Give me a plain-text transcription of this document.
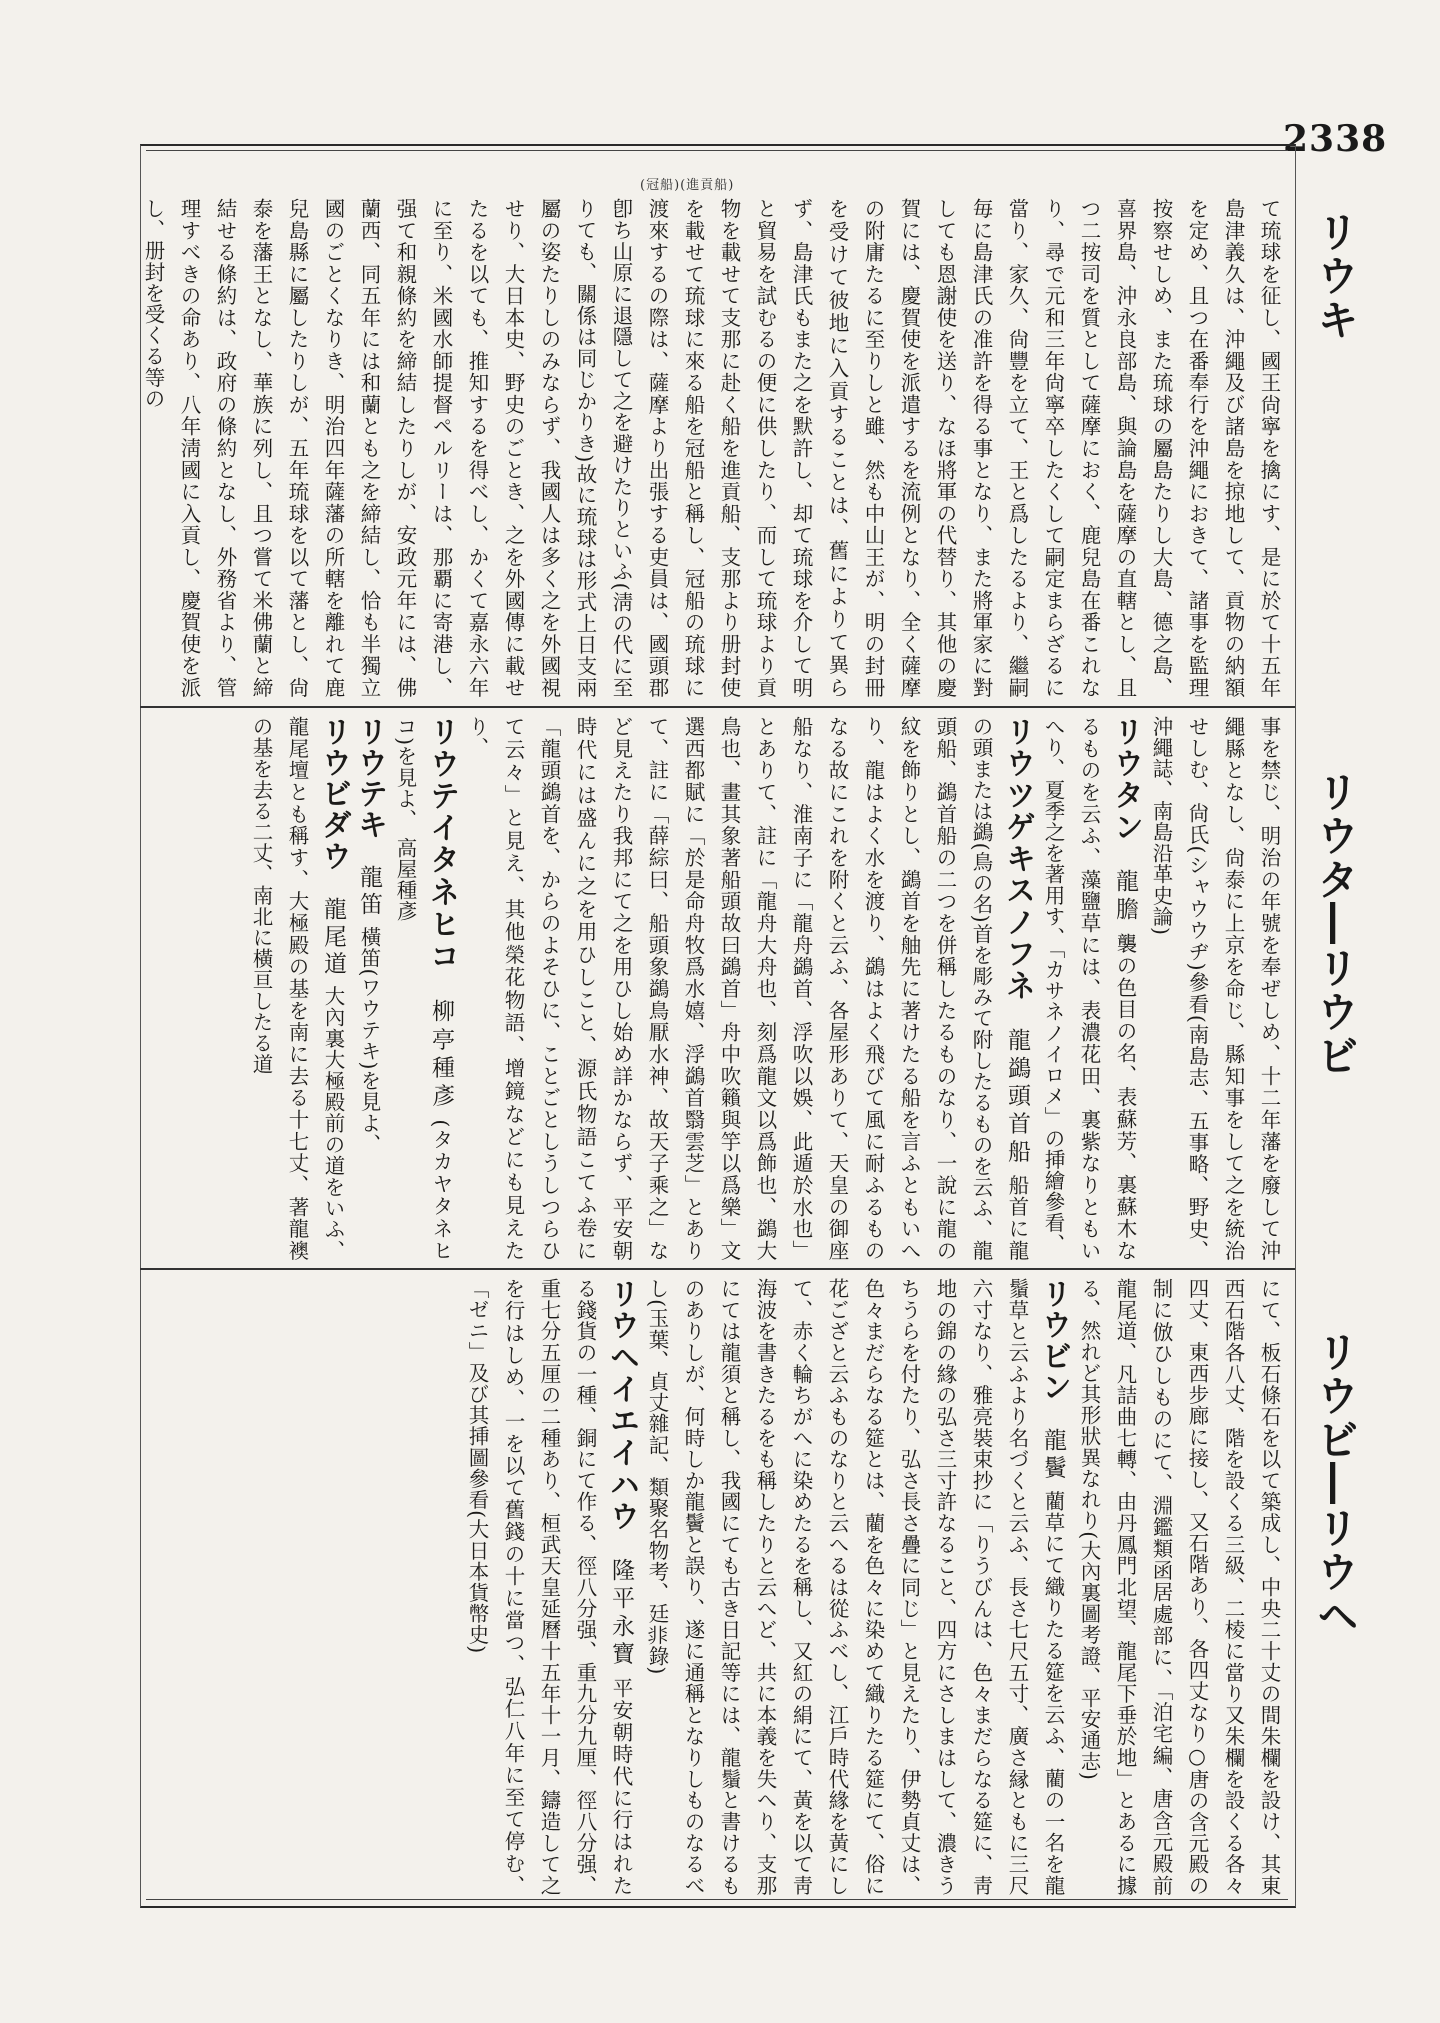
2338
リウキ
リウタ―リウビ
リウビ―リウヘ
(冠船)(進貢船)

て琉球を征し、國王尙寧を擒にす、是に於て十五年島津義久は、沖繩及び諸島を掠地して、貢物の納額を定め、且つ在番奉行を沖繩におきて、諸事を監理按察せしめ、また琉球の屬島たりし大島、德之島、喜界島、沖永良部島、與論島を薩摩の直轄とし、且つ二按司を質として薩摩におく、鹿兒島在番これなり、尋で元和三年尙寧卒したくして嗣定まらざるに當り、家久、尙豐を立て、王と爲したるより、繼嗣毎に島津氏の准許を得る事となり、また將軍家に對しても恩謝使を送り、なほ將軍の代替り、其他の慶賀には、慶賀使を派遣するを流例となり、全く薩摩の附庸たるに至りしと雖、然も中山王が、明の封冊を受けて彼地に入貢することは、舊によりて異らず、島津氏もまた之を默許し、却て琉球を介して明と貿易を試むるの便に供したり、而して琉球より貢物を載せて支那に赴く船を進貢船、支那より册封使を載せて琉球に來る船を冠船と稱し、冠船の琉球に渡來するの際は、薩摩より出張する吏員は、國頭郡卽ち山原に退隱して之を避けたりといふ(淸の代に至りても、關係は同じかりき)故に琉球は形式上日支兩屬の姿たりしのみならず、我國人は多く之を外國視せり、大日本史、野史のごとき、之を外國傳に載せたるを以ても、推知するを得べし、かくて嘉永六年に至り、米國水師提督ペルリーは、那覇に寄港し、强て和親條約を締結したりしが、安政元年には、佛蘭西、同五年には和蘭とも之を締結し、恰も半獨立國のごとくなりき、明治四年薩藩の所轄を離れて鹿兒島縣に屬したりしが、五年琉球を以て藩とし、尙泰を藩王となし、華族に列し、且つ嘗て米佛蘭と締結せる條約は、政府の條約となし、外務省より、管理すべきの命あり、八年淸國に入貢し、慶賀使を派し、册封を受くる等の

事を禁じ、明治の年號を奉ぜしめ、十二年藩を廢して沖繩縣となし、尙泰に上京を命じ、縣知事をして之を統治せしむ、尙氏(シャウウヂ)參看(南島志、五事略、野史、沖繩誌、南島沿革史論)

リウタン 龍膽 襲の色目の名、表蘇芳、裏蘇木なるものを云ふ、藻鹽草には、表濃花田、裏紫なりともいへり、夏季之を著用す、「カサネノイロメ」の挿繪參看、

リウツゲキスノフネ 龍鷁頭首船 船首に龍の頭または鷁(鳥の名)首を彫みて附したるものを云ふ、龍頭船、鷁首船の二つを併稱したるものなり、一說に龍の紋を飾りとし、鷁首を舳先に著けたる船を言ふともいへり、龍はよく水を渡り、鷁はよく飛びて風に耐ふるものなる故にこれを附くと云ふ、各屋形ありて、天皇の御座船なり、淮南子に「龍舟鷁首、浮吹以娛、此遁於水也」とありて、註に「龍舟大舟也、刻爲龍文以爲飾也、鷁大鳥也、畫其象著船頭故曰鷁首」舟中吹籟與竽以爲樂」文選西都賦に「於是命舟牧爲水嬉、浮鷁首翳雲芝」とありて、註に「薛綜曰、船頭象鷁鳥厭水神、故天子乘之」など見えたり我邦にて之を用ひし始め詳かならず、平安朝時代には盛んに之を用ひしこと、源氏物語こてふ卷に「龍頭鷁首を、からのよそひに、ことごとしうしつらひて云々」と見え、其他榮花物語、增鏡などにも見えたり、

リウテイタネヒコ 柳亭種彥 (タカヤタネヒコ)を見よ、 高屋種彥

リウテキ 龍笛 橫笛(ワウテキ)を見よ、

リウビダウ 龍尾道 大內裏大極殿前の道をいふ、龍尾壇とも稱す、大極殿の基を南に去る十七丈、著龍襖の基を去る二丈、南北に橫亘したる道

にて、板石條石を以て築成し、中央二十丈の間朱欄を設け、其東西石階各八丈、階を設くる三級、二棱に當り又朱欄を設くる各々四丈、東西步廊に接し、又石階あり、各四丈なり○唐の含元殿の制に倣ひしものにて、淵鑑類函居處部に、「泊宅編、唐含元殿前龍尾道、凡詰曲七轉、由丹鳳門北望、龍尾下垂於地」とあるに據る、然れど其形狀異なれり(大內裏圖考證、平安通志)

リウビン 龍鬢 藺草にて織りたる筵を云ふ、藺の一名を龍鬚草と云ふより名づくと云ふ、長さ七尺五寸、廣さ縁ともに三尺六寸なり、雅亮裝束抄に「りうびんは、色々まだらなる筵に、靑地の錦の緣の弘さ三寸許なること、四方にさしまはして、濃きうちうらを付たり、弘さ長さ疊に同じ」と見えたり、伊勢貞丈は、色々まだらなる筵とは、藺を色々に染めて織りたる筵にて、俗に花ござと云ふものなりと云へるは從ふべし、江戶時代緣を黃にして、赤く輪ちがへに染めたるを稱し、又紅の絹にて、黃を以て靑海波を書きたるをも稱したりと云へど、共に本義を失へり、支那にては龍須と稱し、我國にても古き日記等には、龍鬚と書けるものありしが、何時しか龍鬢と誤り、遂に通稱となりしものなるべし(玉葉、貞丈雜記、類聚名物考、廷𩇨錄)

リウヘイエイハウ 隆平永寶 平安朝時代に行はれたる錢貨の一種、銅にて作る、徑八分强、重九分九厘、徑八分强、重七分五厘の二種あり、桓武天皇延曆十五年十一月、鑄造して之を行はしめ、一を以て舊錢の十に當つ、弘仁八年に至て停む、「ゼニ」及び其挿圖參看(大日本貨幣史)
